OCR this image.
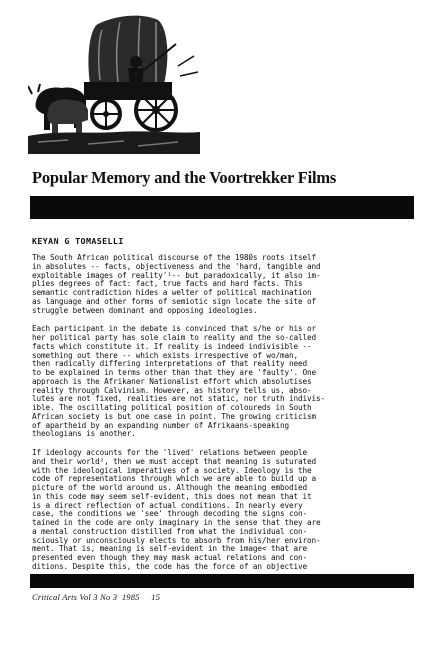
Popular Memory and the Voortrekker Films
KEYAN G TOMASELLI
The South African political discourse of the 1980s roots itself
in absolutes -- facts, objectiveness and the 'hard, tangible and
exploitable images of reality'¹-- but paradoxically, it also im-
plies degrees of fact: fact, true facts and hard facts. This
semantic contradiction hides a welter of political machination
as language and other forms of semiotic sign locate the site of
struggle between dominant and opposing ideologies.
Each participant in the debate is convinced that s/he or his or
her political party has sole claim to reality and the so-called
facts which constitute it. If reality is indeed indivisible --
something out there -- which exists irrespective of wo/man,
then radically differing interpretations of that reality need
to be explained in terms other than that they are 'faulty'. One
approach is the Afrikaner Nationalist effort which absolutises
reality through Calvinism. However, as history tells us, abso-
lutes are not fixed, realities are not static, nor truth indivis-
ible. The oscillating political position of coloureds in South
African society is but one case in point. The growing criticism
of apartheid by an expanding number of Afrikaans-speaking
theologians is another.
If ideology accounts for the 'lived' relations between people
and their world², then we must accept that meaning is suturated
with the ideological imperatives of a society. Ideology is the
code of representations through which we are able to build up a
picture of the world around us. Although the meaning embodied
in this code may seem self-evident, this does not mean that it
is a direct reflection of actual conditions. In nearly every
case, the conditions we 'see' through decoding the signs con-
tained in the code are only imaginary in the sense that they are
a mental construction distilled from what the individual con-
sciously or unconsciously elects to absorb from his/her environ-
ment. That is, meaning is self-evident in the image< that are
presented even though they may mask actual relations and con-
ditions. Despite this, the code has the force of an objective
Critical Arts Vol 3 No 3  1985 15
